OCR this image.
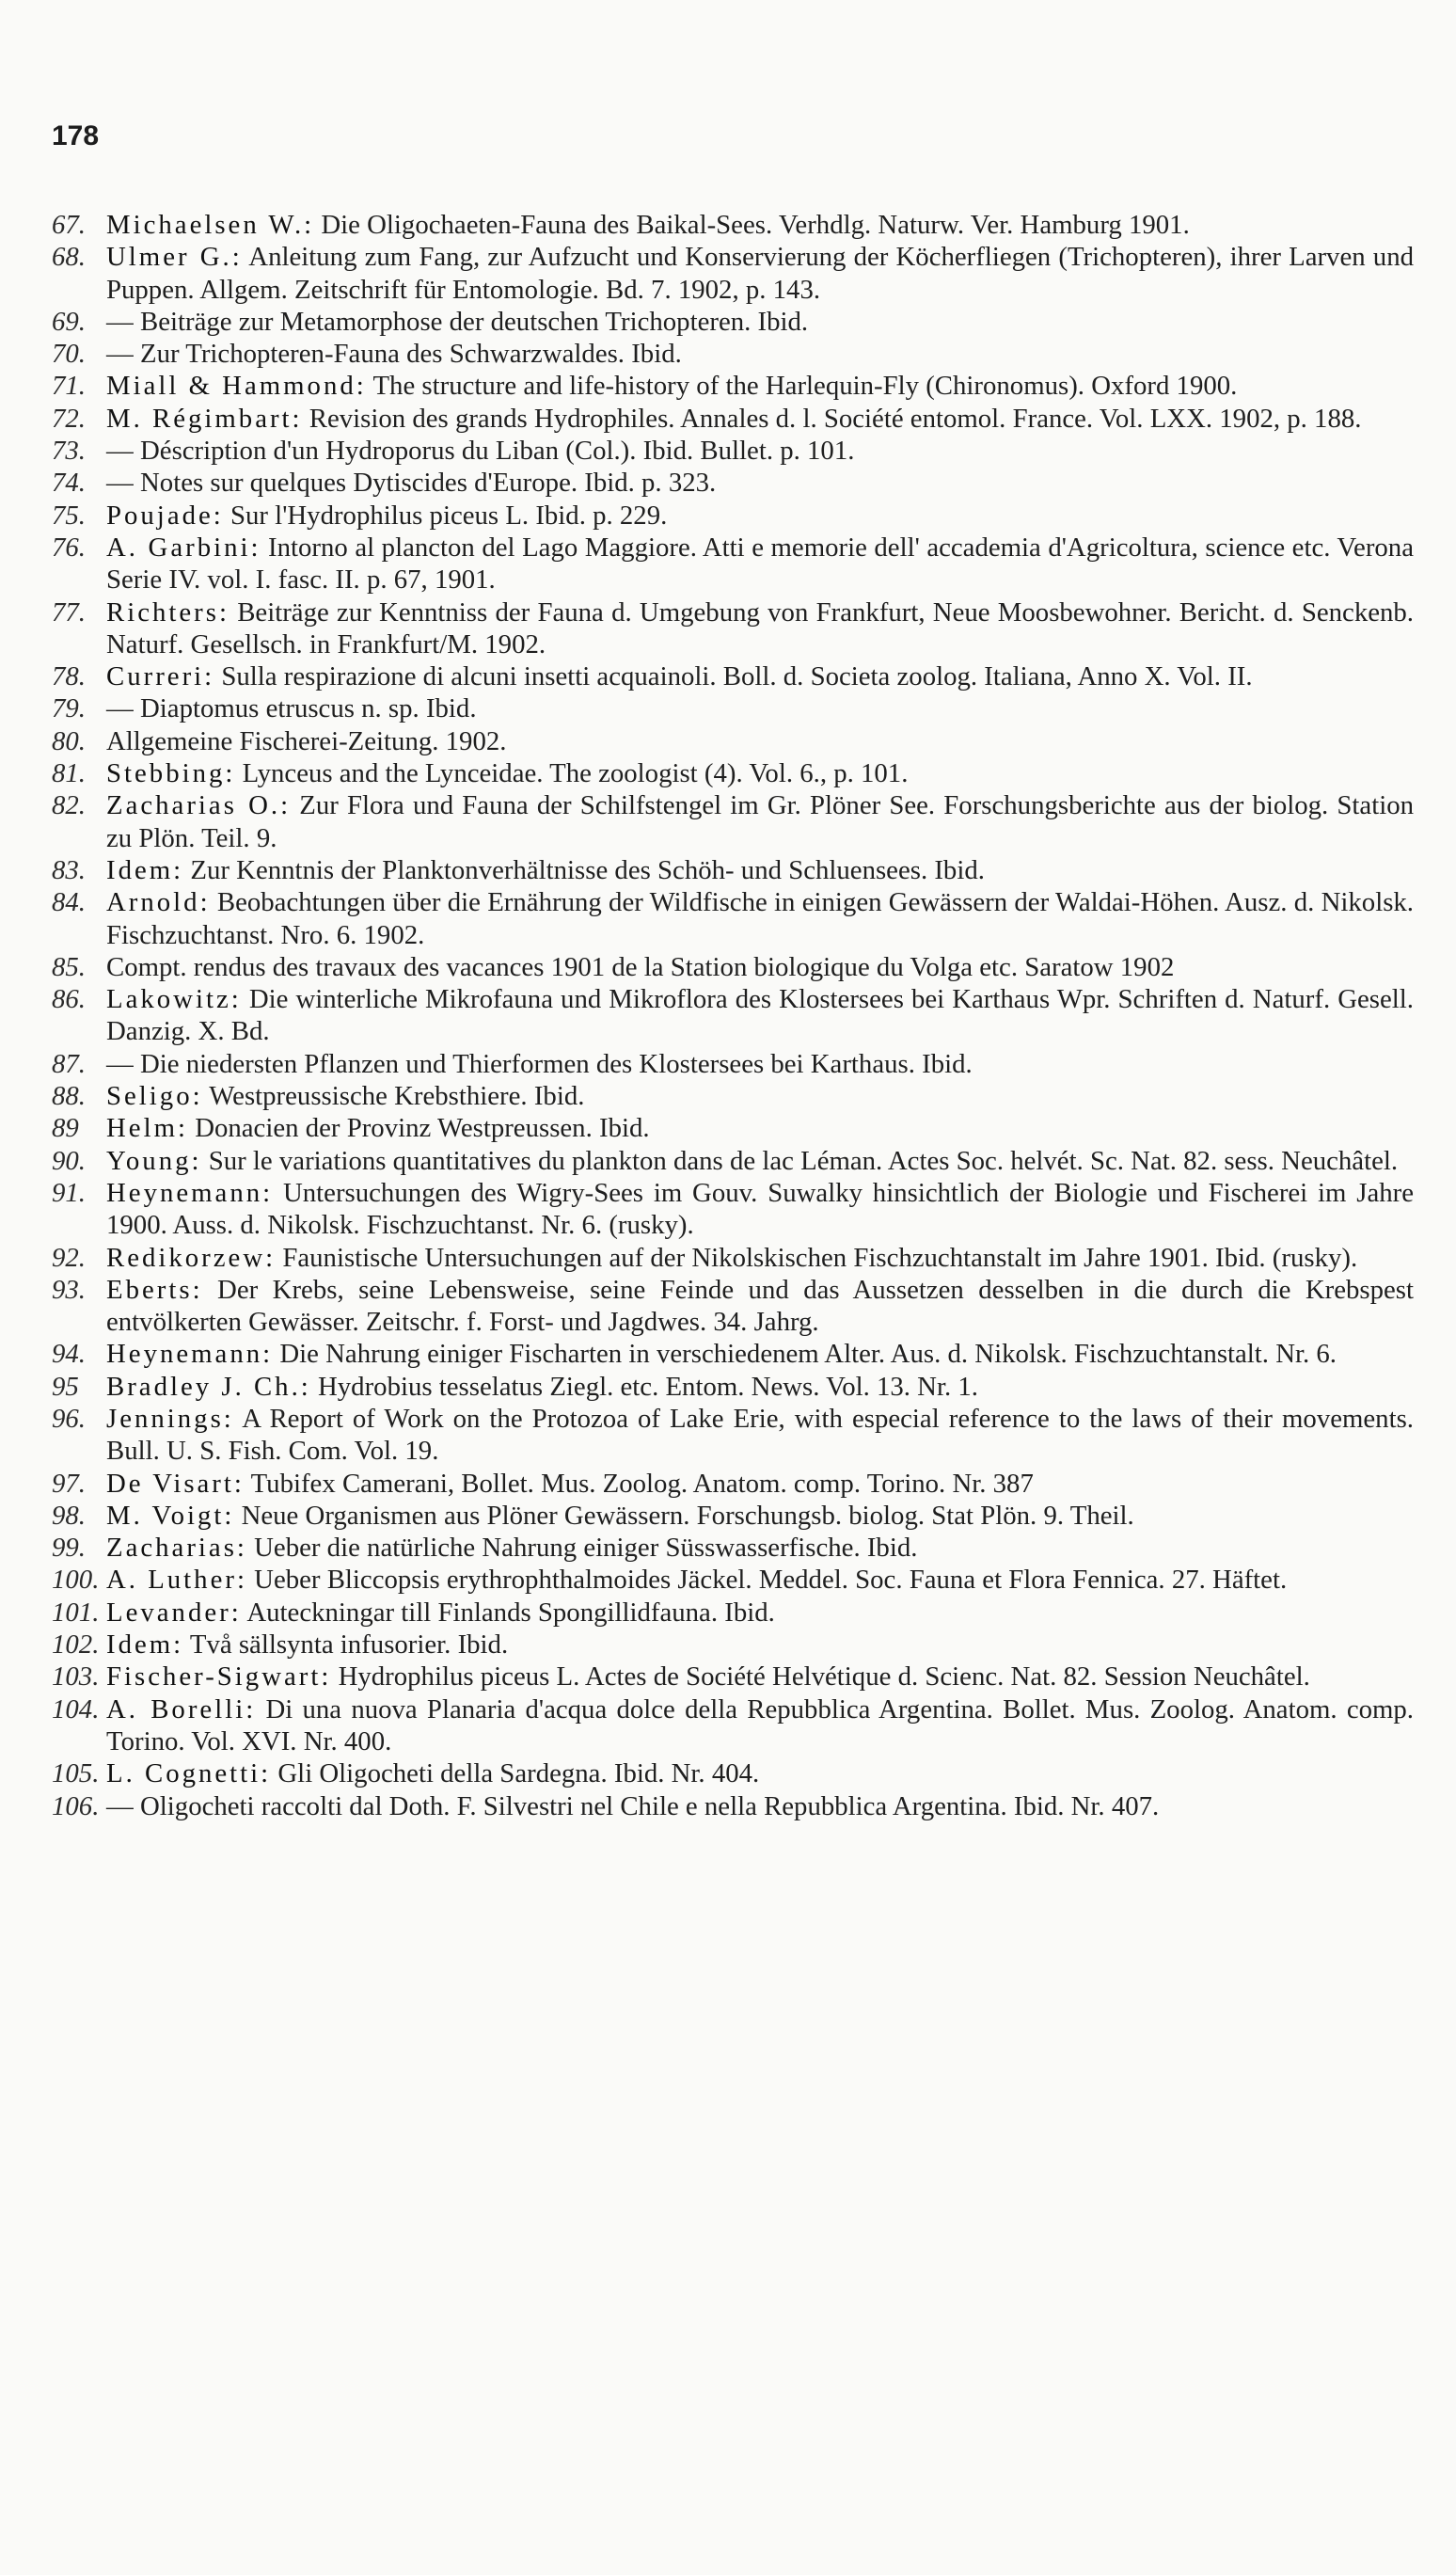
178
67. Michaelsen W.: Die Oligochaeten-Fauna des Baikal-Sees. Verhdlg. Naturw. Ver. Hamburg 1901.
68. Ulmer G.: Anleitung zum Fang, zur Aufzucht und Konservierung der Köcherfliegen (Trichopteren), ihrer Larven und Puppen. Allgem. Zeitschrift für Entomologie. Bd. 7. 1902, p. 143.
69. — Beiträge zur Metamorphose der deutschen Trichopteren. Ibid.
70. — Zur Trichopteren-Fauna des Schwarzwaldes. Ibid.
71. Miall & Hammond: The structure and life-history of the Harlequin-Fly (Chironomus). Oxford 1900.
72. M. Régimbart: Revision des grands Hydrophiles. Annales d. l. Société entomol. France. Vol. LXX. 1902, p. 188.
73. — Déscription d'un Hydroporus du Liban (Col.). Ibid. Bullet. p. 101.
74. — Notes sur quelques Dytiscides d'Europe. Ibid. p. 323.
75. Poujade: Sur l'Hydrophilus piceus L. Ibid. p. 229.
76. A. Garbini: Intorno al plancton del Lago Maggiore. Atti e memorie dell' accademia d'Agricoltura, science etc. Verona Serie IV. vol. I. fasc. II. p. 67, 1901.
77. Richters: Beiträge zur Kenntniss der Fauna d. Umgebung von Frankfurt, Neue Moosbewohner. Bericht. d. Senckenb. Naturf. Gesellsch. in Frankfurt/M. 1902.
78. Curreri: Sulla respirazione di alcuni insetti acquainoli. Boll. d. Societa zoolog. Italiana, Anno X. Vol. II.
79. — Diaptomus etruscus n. sp. Ibid.
80. Allgemeine Fischerei-Zeitung. 1902.
81. Stebbing: Lynceus and the Lynceidae. The zoologist (4). Vol. 6., p. 101.
82. Zacharias O.: Zur Flora und Fauna der Schilfstengel im Gr. Plöner See. Forschungsberichte aus der biolog. Station zu Plön. Teil. 9.
83. Idem: Zur Kenntnis der Planktonverhältnisse des Schöh- und Schluensees. Ibid.
84. Arnold: Beobachtungen über die Ernährung der Wildfische in einigen Gewässern der Waldai-Höhen. Ausz. d. Nikolsk. Fischzuchtanst. Nro. 6. 1902.
85. Compt. rendus des travaux des vacances 1901 de la Station biologique du Volga etc. Saratow 1902
86. Lakowitz: Die winterliche Mikrofauna und Mikroflora des Klostersees bei Karthaus Wpr. Schriften d. Naturf. Gesell. Danzig. X. Bd.
87. — Die niedersten Pflanzen und Thierformen des Klostersees bei Karthaus. Ibid.
88. Seligo: Westpreussische Krebsthiere. Ibid.
89 Helm: Donacien der Provinz Westpreussen. Ibid.
90. Young: Sur le variations quantitatives du plankton dans de lac Léman. Actes Soc. helvét. Sc. Nat. 82. sess. Neuchâtel.
91. Heynemann: Untersuchungen des Wigry-Sees im Gouv. Suwalky hinsichtlich der Biologie und Fischerei im Jahre 1900. Auss. d. Nikolsk. Fischzuchtanst. Nr. 6. (rusky).
92. Redikorzew: Faunistische Untersuchungen auf der Nikolskischen Fischzuchtanstalt im Jahre 1901. Ibid. (rusky).
93. Eberts: Der Krebs, seine Lebensweise, seine Feinde und das Aussetzen desselben in die durch die Krebspest entvölkerten Gewässer. Zeitschr. f. Forst- und Jagdwes. 34. Jahrg.
94. Heynemann: Die Nahrung einiger Fischarten in verschiedenem Alter. Aus. d. Nikolsk. Fischzuchtanstalt. Nr. 6.
95 Bradley J. Ch.: Hydrobius tesselatus Ziegl. etc. Entom. News. Vol. 13. Nr. 1.
96. Jennings: A Report of Work on the Protozoa of Lake Erie, with especial reference to the laws of their movements. Bull. U. S. Fish. Com. Vol. 19.
97. De Visart: Tubifex Camerani, Bollet. Mus. Zoolog. Anatom. comp. Torino. Nr. 387
98. M. Voigt: Neue Organismen aus Plöner Gewässern. Forschungsb. biolog. Stat Plön. 9. Theil.
99. Zacharias: Ueber die natürliche Nahrung einiger Süsswasserfische. Ibid.
100. A. Luther: Ueber Bliccopsis erythrophthalmoides Jäckel. Meddel. Soc. Fauna et Flora Fennica. 27. Häftet.
101. Levander: Auteckningar till Finlands Spongillidfauna. Ibid.
102. Idem: Två sällsynta infusorier. Ibid.
103. Fischer-Sigwart: Hydrophilus piceus L. Actes de Société Helvétique d. Scienc. Nat. 82. Session Neuchâtel.
104. A. Borelli: Di una nuova Planaria d'acqua dolce della Repubblica Argentina. Bollet. Mus. Zoolog. Anatom. comp. Torino. Vol. XVI. Nr. 400.
105. L. Cognetti: Gli Oligocheti della Sardegna. Ibid. Nr. 404.
106. — Oligocheti raccolti dal Doth. F. Silvestri nel Chile e nella Repubblica Argentina. Ibid. Nr. 407.
